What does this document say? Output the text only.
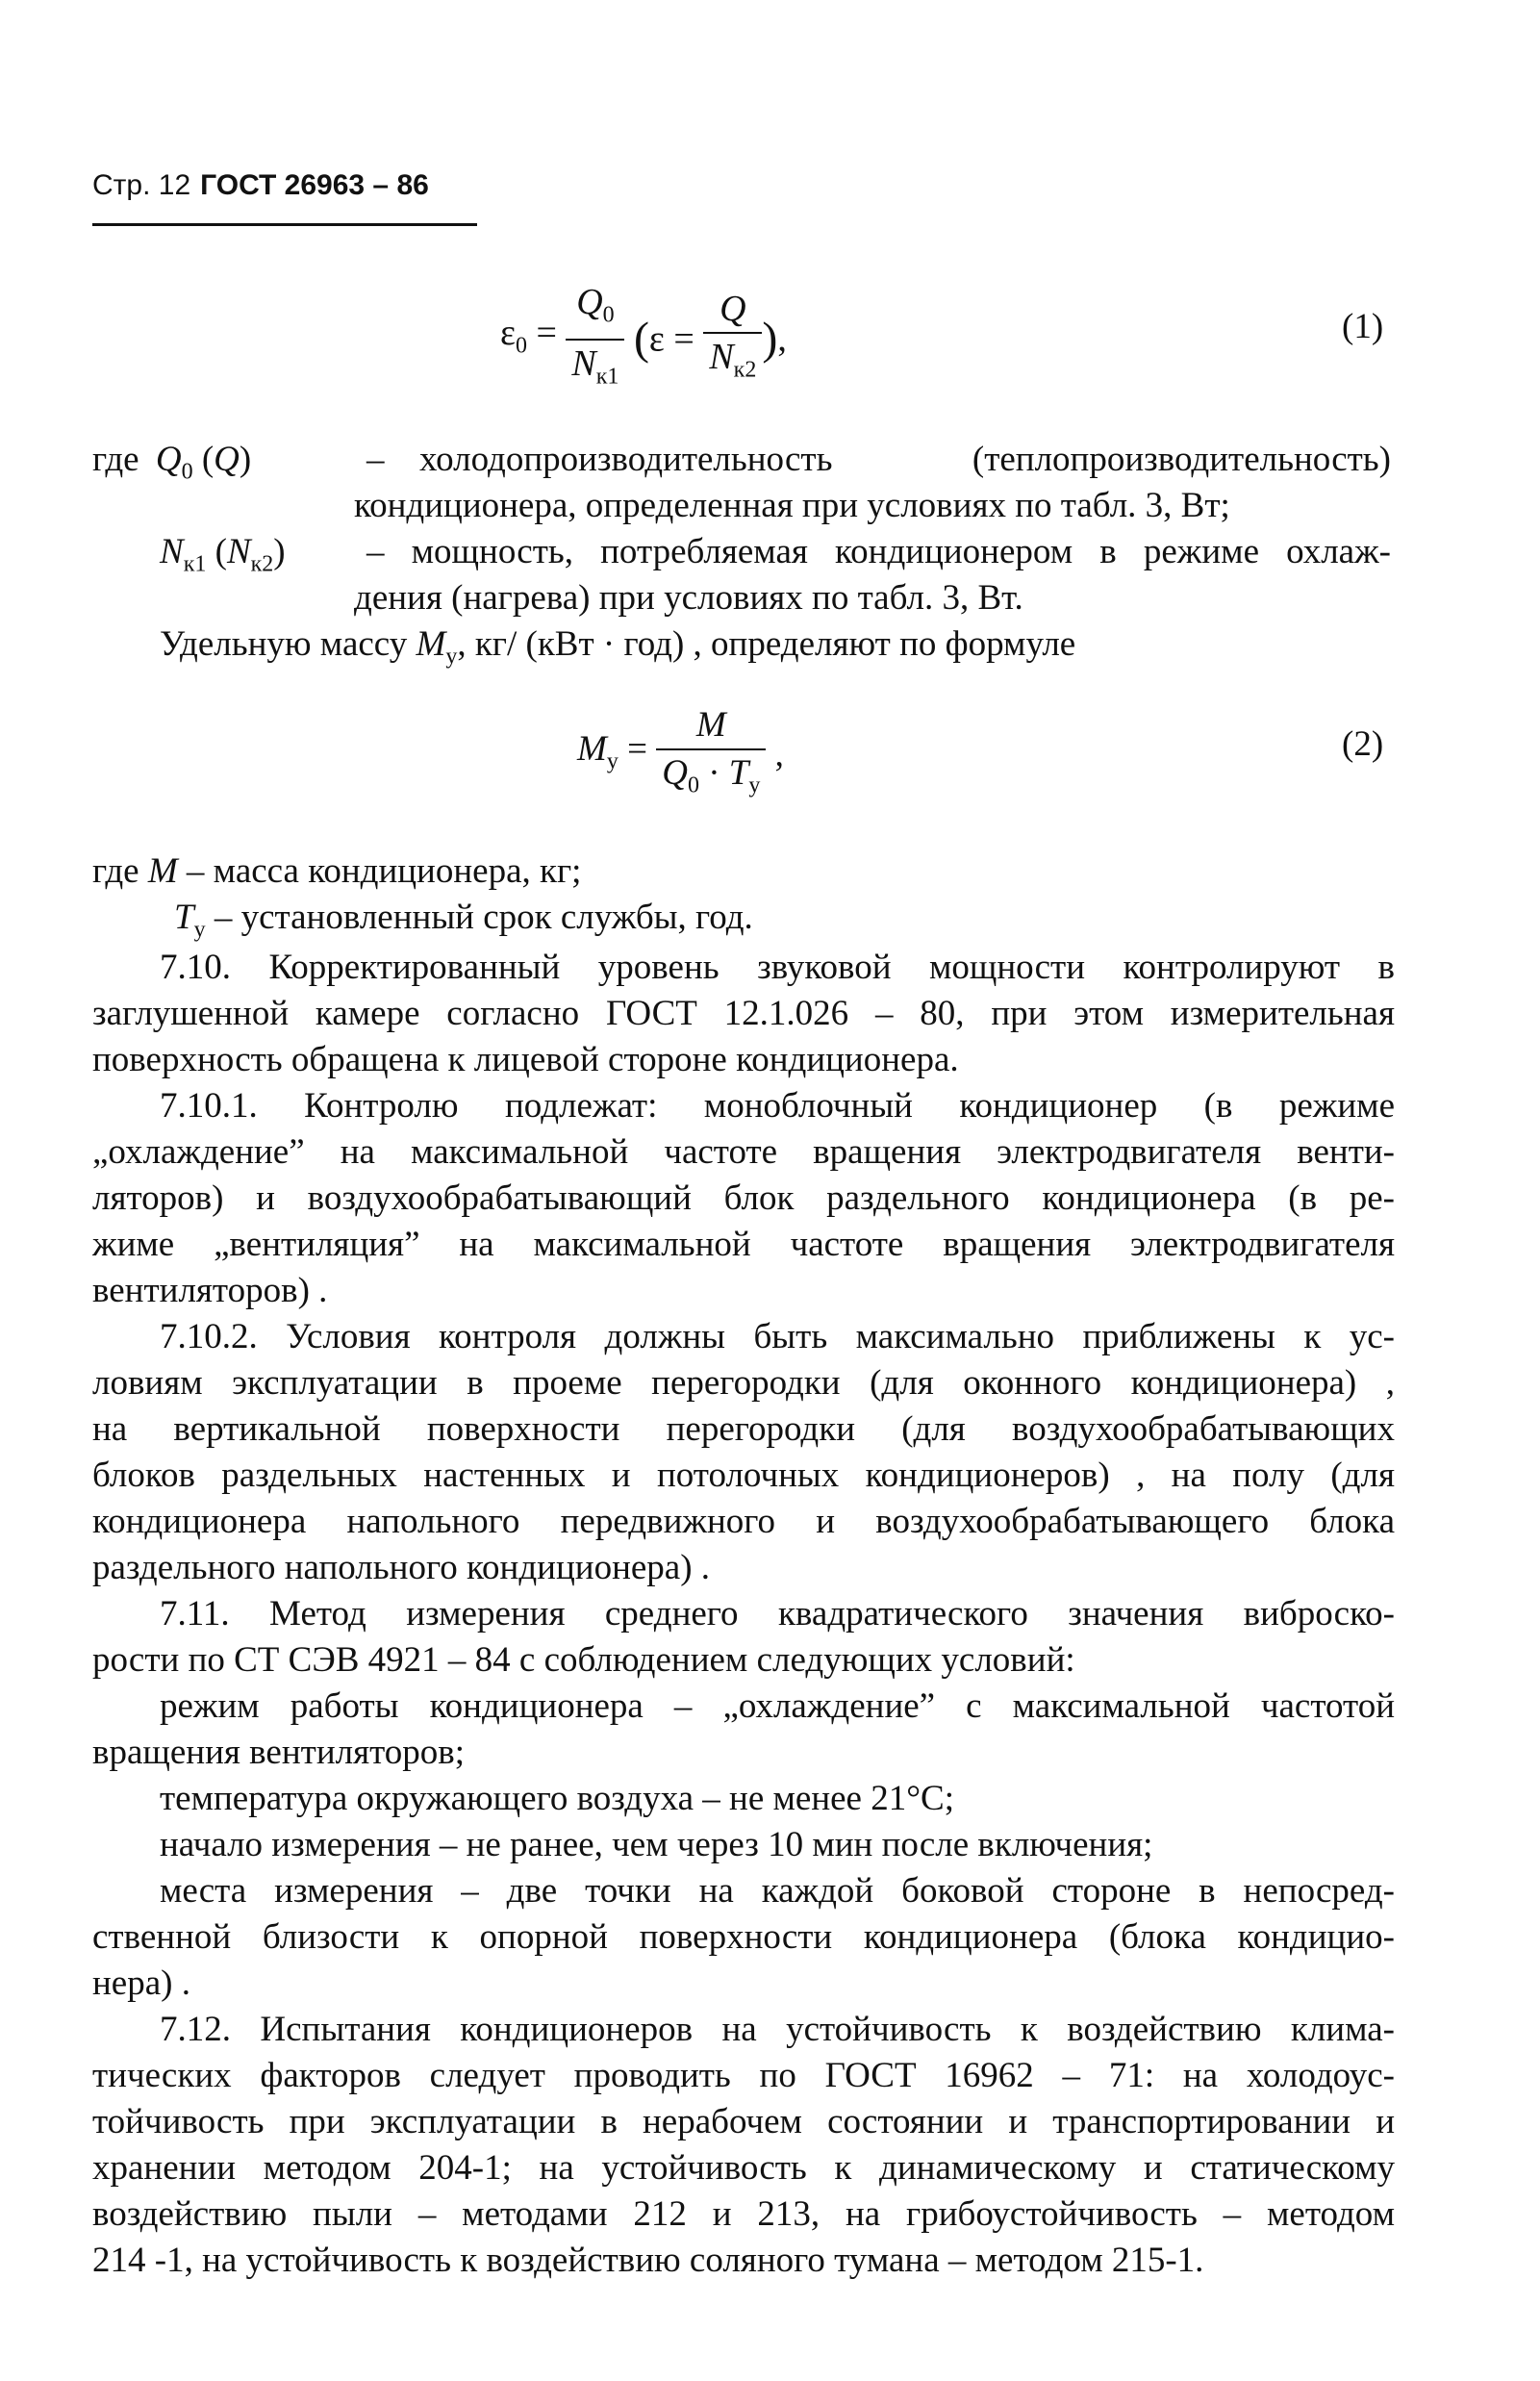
Стр. 12 ГОСТ 26963 – 86
$\varepsilon_0 = \frac{Q_0}{N_{к1}} (\varepsilon = \frac{Q}{N_{к2}}$ ),	(1)
где $Q_0$ (Q)	– холодопроизводительность (теплопроизводительность) кондиционера, определенная при условиях по табл. 3, Вт;
$N_{к1}$ $(N_{к2})$ – мощность, потребляемая кондиционером в режиме охлаж-
дения (нагрева) при условиях по табл. 3, Вт.
Удельную массу $M_у$, кг/ (кВт · год) , определяют по формуле
$M_у = \frac{M}{Q_0 \cdot T_у}$ ,	(2)
где M – масса кондиционера, кг;
$T_у$ – установленный срок службы, год.
7.10. Корректированный уровень звуковой мощности контролируют в
заглушенной камере согласно ГОСТ 12.1.026 – 80, при этом измерительная
поверхность обращена к лицевой стороне кондиционера.
7.10.1. Контролю подлежат: моноблочный кондиционер (в режиме
„охлаждение” на максимальной частоте вращения электродвигателя венти-
ляторов) и воздухообрабатывающий блок раздельного кондиционера (в ре-
жиме „вентиляция” на максимальной частоте вращения электродвигателя
вентиляторов) .
7.10.2. Условия контроля должны быть максимально приближены к ус-
ловиям эксплуатации в проеме перегородки (для оконного кондиционера) ,
на вертикальной поверхности перегородки (для воздухообрабатывающих
блоков раздельных настенных и потолочных кондиционеров) , на полу (для
кондиционера напольного передвижного и воздухообрабатывающего блока
раздельного напольного кондиционера) .
7.11. Метод измерения среднего квадратического значения виброско-
рости по СТ СЭВ 4921 – 84 с соблюдением следующих условий:
режим работы кондиционера – „охлаждение” с максимальной частотой
вращения вентиляторов;
температура окружающего воздуха – не менее 21°С;
начало измерения – не ранее, чем через 10 мин после включения;
места измерения – две точки на каждой боковой стороне в непосред-
ственной близости к опорной поверхности кондиционера (блока кондицио-
нера) .
7.12. Испытания кондиционеров на устойчивость к воздействию клима-
тических факторов следует проводить по ГОСТ 16962 – 71: на холодоус-
тойчивость при эксплуатации в нерабочем состоянии и транспортировании и
хранении методом 204-1; на устойчивость к динамическому и статическому
воздействию пыли – методами 212 и 213, на грибоустойчивость – методом
214 -1, на устойчивость к воздействию соляного тумана – методом 215-1.
